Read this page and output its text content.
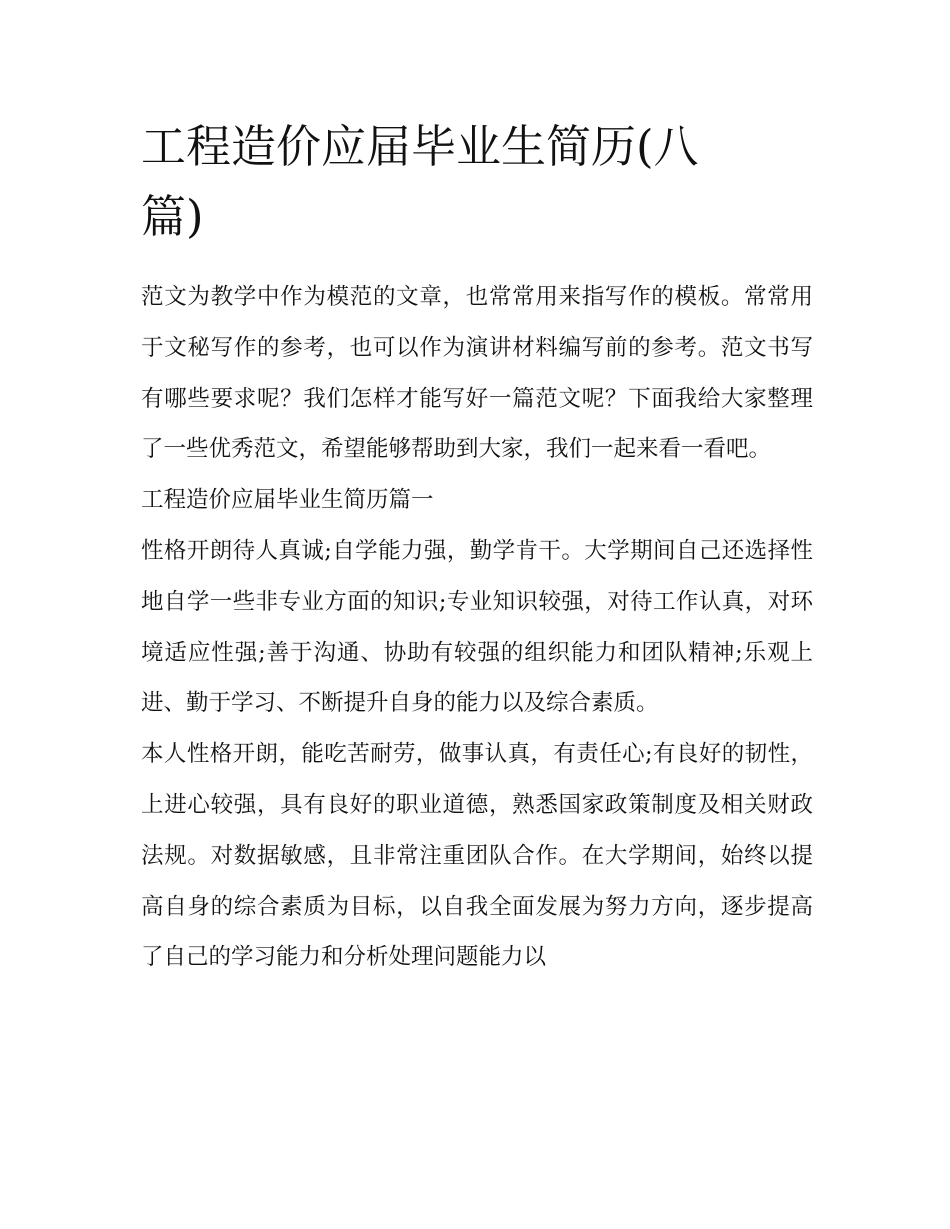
工程造价应届毕业生简历(八
篇)

范文为教学中作为模范的文章，也常常用来指写作的模板。常常用于文秘写作的参考，也可以作为演讲材料编写前的参考。范文书写有哪些要求呢？我们怎样才能写好一篇范文呢？下面我给大家整理了一些优秀范文，希望能够帮助到大家，我们一起来看一看吧。

工程造价应届毕业生简历篇一

性格开朗待人真诚;自学能力强，勤学肯干。大学期间自己还选择性地自学一些非专业方面的知识;专业知识较强，对待工作认真，对环境适应性强;善于沟通、协助有较强的组织能力和团队精神;乐观上进、勤于学习、不断提升自身的能力以及综合素质。

本人性格开朗，能吃苦耐劳，做事认真，有责任心;有良好的韧性，上进心较强，具有良好的职业道德，熟悉国家政策制度及相关财政法规。对数据敏感，且非常注重团队合作。在大学期间，始终以提高自身的综合素质为目标，以自我全面发展为努力方向，逐步提高了自己的学习能力和分析处理问题能力以
